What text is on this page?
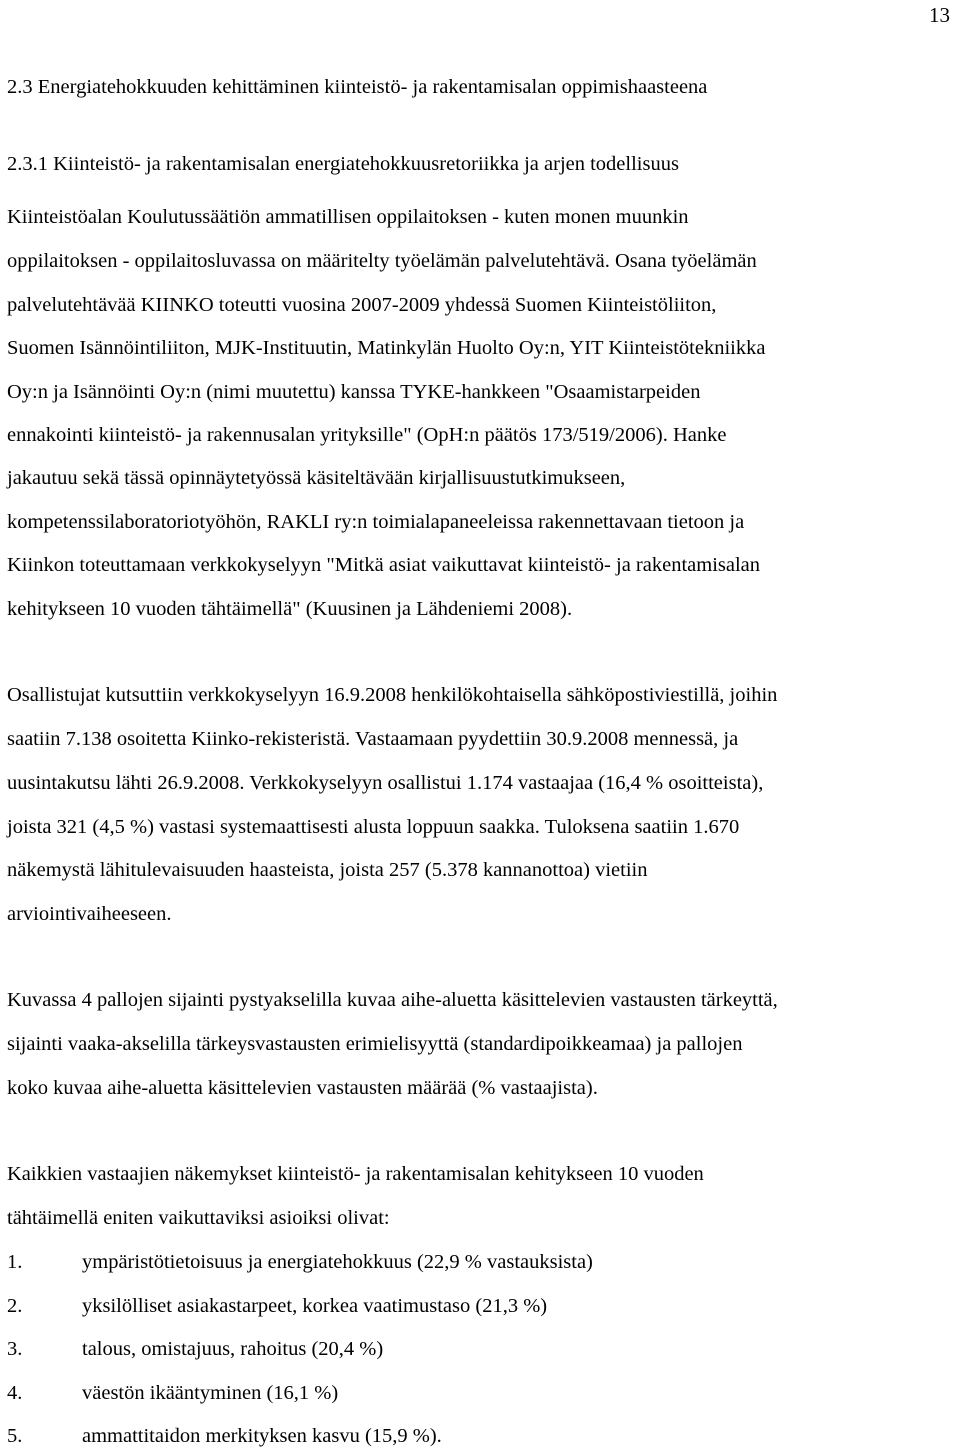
13
2.3 Energiatehokkuuden kehittäminen kiinteistö- ja rakentamisalan oppimishaasteena
2.3.1 Kiinteistö- ja rakentamisalan energiatehokkuusretoriikka ja arjen todellisuus
Kiinteistöalan Koulutussäätiön ammatillisen oppilaitoksen - kuten monen muunkin
oppilaitoksen - oppilaitosluvassa on määritelty työelämän palvelutehtävä. Osana työelämän
palvelutehtävää KIINKO toteutti vuosina 2007-2009 yhdessä Suomen Kiinteistöliiton,
Suomen Isännöintiliiton, MJK-Instituutin, Matinkylän Huolto Oy:n, YIT Kiinteistötekniikka
Oy:n ja Isännöinti Oy:n (nimi muutettu) kanssa TYKE-hankkeen "Osaamistarpeiden
ennakointi kiinteistö- ja rakennusalan yrityksille" (OpH:n päätös 173/519/2006). Hanke
jakautuu sekä tässä opinnäytetyössä käsiteltävään kirjallisuustutkimukseen,
kompetenssilaboratoriotyöhön, RAKLI ry:n toimialapaneeleissa rakennettavaan tietoon ja
Kiinkon toteuttamaan verkkokyselyyn "Mitkä asiat vaikuttavat kiinteistö- ja rakentamisalan
kehitykseen 10 vuoden tähtäimellä" (Kuusinen ja Lähdeniemi 2008).
Osallistujat kutsuttiin verkkokyselyyn 16.9.2008 henkilökohtaisella sähköpostiviestillä, joihin
saatiin 7.138 osoitetta Kiinko-rekisteristä. Vastaamaan pyydettiin 30.9.2008 mennessä, ja
uusintakutsu lähti 26.9.2008. Verkkokyselyyn osallistui 1.174 vastaajaa (16,4 % osoitteista),
joista 321 (4,5 %) vastasi systemaattisesti alusta loppuun saakka. Tuloksena saatiin 1.670
näkemystä lähitulevaisuuden haasteista, joista 257 (5.378 kannanottoa) vietiin
arviointivaiheeseen.
Kuvassa 4 pallojen sijainti pystyakselilla kuvaa aihe-aluetta käsittelevien vastausten tärkeyttä,
sijainti vaaka-akselilla tärkeysvastausten erimielisyyttä (standardipoikkeamaa) ja pallojen
koko kuvaa aihe-aluetta käsittelevien vastausten määrää (% vastaajista).
Kaikkien vastaajien näkemykset kiinteistö- ja rakentamisalan kehitykseen 10 vuoden
tähtäimellä eniten vaikuttaviksi asioiksi olivat:
1.	ympäristötietoisuus ja energiatehokkuus (22,9 % vastauksista)
2.	yksilölliset asiakastarpeet, korkea vaatimustaso (21,3 %)
3.	talous, omistajuus, rahoitus (20,4 %)
4.	väestön ikääntyminen (16,1 %)
5.	ammattitaidon merkityksen kasvu (15,9 %).
